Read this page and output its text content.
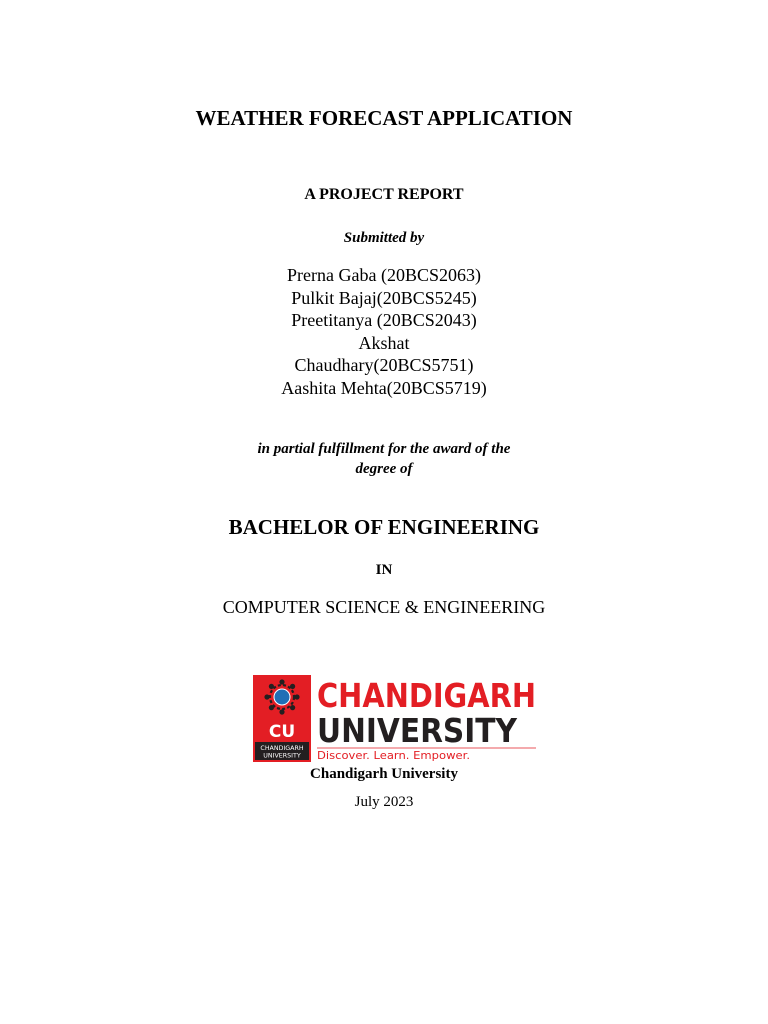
WEATHER FORECAST APPLICATION
A PROJECT REPORT
Submitted by
Prerna Gaba (20BCS2063)
Pulkit Bajaj(20BCS5245)
Preetitanya (20BCS2043)
Akshat
Chaudhary(20BCS5751)
Aashita Mehta(20BCS5719)
in partial fulfillment for the award of the
degree of
BACHELOR OF ENGINEERING
IN
COMPUTER SCIENCE & ENGINEERING
CU
CHANDIGARH
UNIVERSITY
CHANDIGARH
UNIVERSITY
Discover. Learn. Empower.
Chandigarh University
July 2023
